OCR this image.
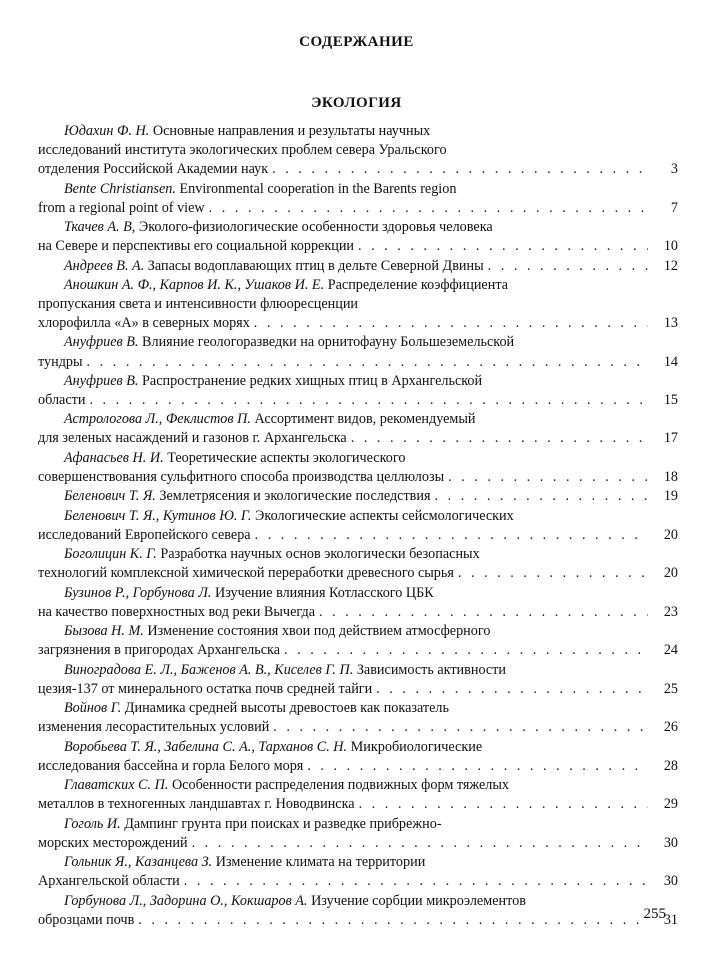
СОДЕРЖАНИЕ
ЭКОЛОГИЯ
Юдахин Ф. Н. Основные направления и результаты научных
исследований института экологических проблем севера Уральского
отделения Российской Академии наук . . .	3
Bente Christiansen. Environmental cooperation in the Barents region
from a regional point of view . . .	7
Ткачев А. В, Эколого-физиологические особенности здоровья человека
на Севере и перспективы его социальной коррекции . . .	10
Андреев В. А. Запасы водоплавающих птиц в дельте Северной Двины . . .	12
Аношкин А. Ф., Карпов И. К., Ушаков И. Е. Распределение коэффициента
пропускания света и интенсивности флюоресценции
хлорофилла «А» в северных морях . . .	13
Ануфриев В. Влияние геологоразведки на орнитофауну Большеземельской
тундры . . .	14
Ануфриев В. Распространение редких хищных птиц в Архангельской
области . . .	15
Астрологова Л., Феклистов П. Ассортимент видов, рекомендуемый
для зеленых насаждений и газонов г. Архангельска . . .	17
Афанасьев Н. И. Теоретические аспекты экологического
совершенствования сульфитного способа производства целлюлозы . . .	18
Беленович Т. Я. Землетрясения и экологические последствия . . .	19
Беленович Т. Я., Кутинов Ю. Г. Экологические аспекты сейсмологических
исследований Европейского севера . . .	20
Боголицин К. Г. Разработка научных основ экологически безопасных
технологий комплексной химической переработки древесного сырья . . .	20
Бузинов Р., Горбунова Л. Изучение влияния Котласского ЦБК
на качество поверхностных вод реки Вычегда . . .	23
Бызова Н. М. Изменение состояния хвои под действием атмосферного
загрязнения в пригородах Архангельска . . .	24
Виноградова Е. Л., Баженов А. В., Киселев Г. П. Зависимость активности
цезия-137 от минерального остатка почв средней тайги . . .	25
Войнов Г. Динамика средней высоты древостоев как показатель
изменения лесорастительных условий . . .	26
Воробьева Т. Я., Забелина С. А., Тарханов С. Н. Микробиологические
исследования бассейна и горла Белого моря . . .	28
Главатских С. П. Особенности распределения подвижных форм тяжелых
металлов в техногенных ландшавтах г. Новодвинска . . .	29
Гоголь И. Дампинг грунта при поисках и разведке прибрежно-
морских месторождений . . .	30
Гольник Я., Казанцева З. Изменение климата на территории
Архангельской области . . .	30
Горбунова Л., Задорина О., Кокшаров А. Изучение сорбции микроэлементов
оброзцами почв . . .	31
255
